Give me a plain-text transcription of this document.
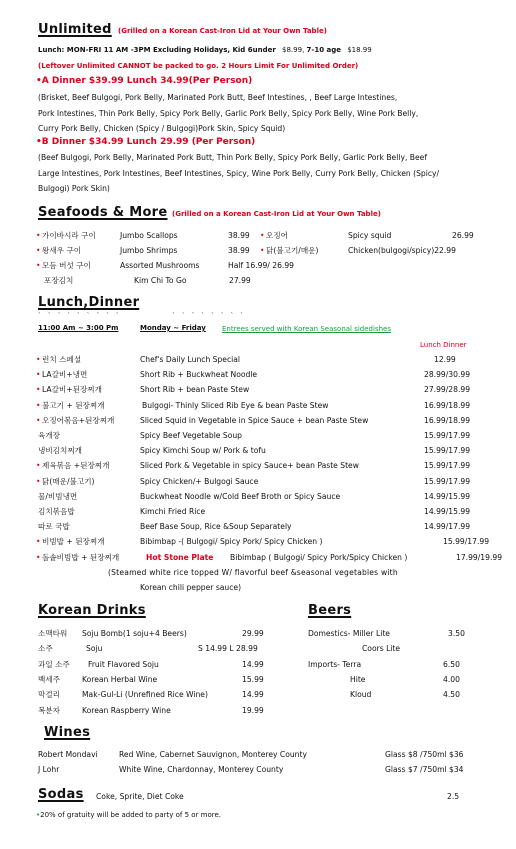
Unlimited (Grilled on a Korean Cast-Iron Lid at Your Own Table)
Lunch: MON-FRI 11 AM -3PM Excluding Holidays, Kid 6under $8.99, 7-10 age $18.99
(Leftover Unlimited CANNOT be packed to go. 2 Hours Limit For Unlimited Order)
•A Dinner $39.99 Lunch 34.99(Per Person)
(Brisket, Beef Bulgogi, Pork Belly, Marinated Pork Butt, Beef Intestines, , Beef Large Intestines,
Pork Intestines, Thin Pork Belly, Spicy Pork Belly, Garlic Pork Belly, Spicy Pork Belly, Wine Pork Belly,
Curry Pork Belly, Chicken (Spicy / Bulgogi)Pork Skin, Spicy Squid)
•B Dinner $34.99 Lunch 29.99 (Per Person)
(Beef Bulgogi, Pork Belly, Marinated Pork Butt, Thin Pork Belly, Spicy Pork Belly, Garlic Pork Belly, Beef
Large Intestines, Pork Intestines, Beef Intestines, Spicy, Wine Pork Belly, Curry Pork Belly, Chicken (Spicy/
Bulgogi) Pork Skin)
Seafoods & More (Grilled on a Korean Cast-Iron Lid at Your Own Table)
• 가이바시라 구이	Jumbo Scallops	38.99 • 오징어	Spicy squid	26.99
• 왕새우 구이	Jumbo Shrimps	38.99 • 닭(불고기/매운)	Chicken(bulgogi/spicy)22.99
• 모듬 버섯 구이	Assorted Mushrooms	Half 16.99/ 26.99
포장김치	Kim Chi To Go	27.99
Lunch,Dinner
` ` ` ` ` ` ` ` `            ` ` ` ` ` ` ` `
11:00 Am ~ 3:00 Pm	Monday ~ Friday Entrees served with Korean Seasonal sidedishes
Lunch Dinner
• 런치 스페셜	Chef's Daily Lunch Special	12.99
• LA갈비+냉면	Short Rib + Buckwheat Noodle	28.99/30.99
• LA갈비+된장찌개	Short Rib + bean Paste Stew	27.99/28.99
• 불고기 + 된장찌개	Bulgogi- Thinly Sliced Rib Eye & bean Paste Stew	16.99/18.99
• 오징어볶음+된장찌개	Sliced Squid in Vegetable in Spice Sauce + bean Paste Stew	16.99/18.99
육개장	Spicy Beef Vegetable Soup	15.99/17.99
냉비김치찌개	Spicy Kimchi Soup w/ Pork & tofu	15.99/17.99
• 제육볶음 +된장찌개	Sliced Pork & Vegetable in spicy Sauce+ bean Paste Stew	15.99/17.99
• 닭(매운/불고기)	Spicy Chicken/+ Bulgogi Sauce	15.99/17.99
물/비빔냉면	Buckwheat Noodle w/Cold Beef Broth or Spicy Sauce	14.99/15.99
김치볶음밥	Kimchi Fried Rice	14.99/15.99
따로 국밥	Beef Base Soup, Rice &Soup Separately	14.99/17.99
• 비빔밥 + 된장찌개	Bibimbap -( Bulgogi/ Spicy Pork/ Spicy Chicken )	15.99/17.99
• 돌솥비빔밥 + 된장찌개	Hot Stone Plate Bibimbap ( Bulgogi/ Spicy Pork/Spicy Chicken )	17.99/19.99
(Steamed white rice topped W/ flavorful beef &seasonal vegetables with
Korean chili pepper sauce)
Korean Drinks
소맥타워 Soju Bomb(1 soju+4 Beers)	29.99
소주	Soju	S 14.99 L 28.99
과일 소주 Fruit Flavored Soju	14.99
백세주	Korean Herbal Wine	15.99
막걸리	Mak-Gul-Li (Unrefined Rice Wine)	14.99
복분자	Korean Raspberry Wine	19.99
Beers
Domestics- Miller Lite	3.50
Coors Lite
Imports- Terra	6.50
Hite	4.00
Kloud	4.50
Wines
Robert Mondavi	Red Wine, Cabernet Sauvignon, Monterey County	Glass $8 /750ml $36
J Lohr	White Wine, Chardonnay, Monterey County	Glass $7 /750ml $34
Sodas Coke, Sprite, Diet Coke	2.5
•20% of gratuity will be added to party of 5 or more.
